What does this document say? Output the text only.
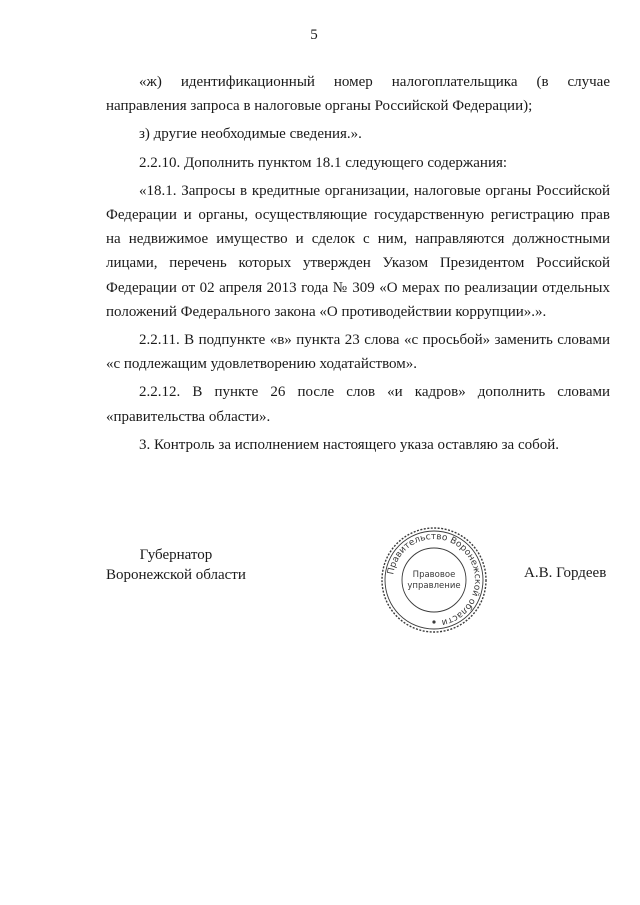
5

«ж) идентификационный номер налогоплательщика (в случае направления запроса в налоговые органы Российской Федерации);

з) другие необходимые сведения.».

2.2.10. Дополнить пунктом 18.1 следующего содержания:

«18.1. Запросы в кредитные организации, налоговые органы Российской Федерации и органы, осуществляющие государственную регистрацию прав на недвижимое имущество и сделок с ним, направляются должностными лицами, перечень которых утвержден Указом Президентом Российской Федерации от 02 апреля 2013 года № 309 «О мерах по реализации отдельных положений Федерального закона «О противодействии коррупции».».

2.2.11. В подпункте «в» пункта 23 слова «с просьбой» заменить словами «с подлежащим удовлетворению ходатайством».

2.2.12. В пункте 26 после слов «и кадров» дополнить словами «правительства области».

3. Контроль за исполнением настоящего указа оставляю за собой.

Губернатор
Воронежской области	Правительство Воронежской области
Правовое
управление
А.В. Гордеев
